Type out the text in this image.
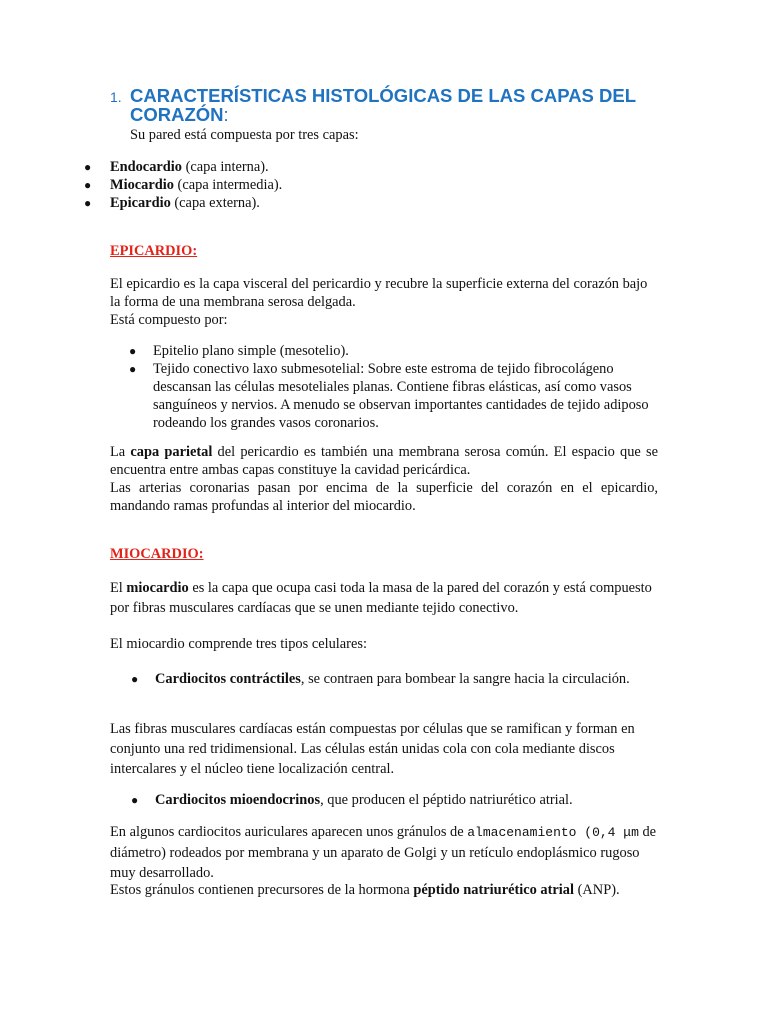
1. CARACTERÍSTICAS HISTOLÓGICAS DE LAS CAPAS DEL CORAZÓN:

Su pared está compuesta por tres capas:

● Endocardio (capa interna).
● Miocardio (capa intermedia).
● Epicardio (capa externa).

EPICARDIO:

El epicardio es la capa visceral del pericardio y recubre la superficie externa del corazón bajo la forma de una membrana serosa delgada.
Está compuesto por:

● Epitelio plano simple (mesotelio).
● Tejido conectivo laxo submesotelial: Sobre este estroma de tejido fibrocolágeno descansan las células mesoteliales planas. Contiene fibras elásticas, así como vasos sanguíneos y nervios. A menudo se observan importantes cantidades de tejido adiposo rodeando los grandes vasos coronarios.

La capa parietal del pericardio es también una membrana serosa común. El espacio que se encuentra entre ambas capas constituye la cavidad pericárdica.
Las arterias coronarias pasan por encima de la superficie del corazón en el epicardio, mandando ramas profundas al interior del miocardio.

MIOCARDIO:

El miocardio es la capa que ocupa casi toda la masa de la pared del corazón y está compuesto por fibras musculares cardíacas que se unen mediante tejido conectivo.

El miocardio comprende tres tipos celulares:

● Cardiocitos contráctiles, se contraen para bombear la sangre hacia la circulación.

Las fibras musculares cardíacas están compuestas por células que se ramifican y forman en conjunto una red tridimensional. Las células están unidas cola con cola mediante discos intercalares y el núcleo tiene localización central.

● Cardiocitos mioendocrinos, que producen el péptido natriurético atrial.

En algunos cardiocitos auriculares aparecen unos gránulos de almacenamiento (0,4 μm de diámetro) rodeados por membrana y un aparato de Golgi y un retículo endoplásmico rugoso muy desarrollado.

Estos gránulos contienen precursores de la hormona péptido natriurético atrial (ANP).
